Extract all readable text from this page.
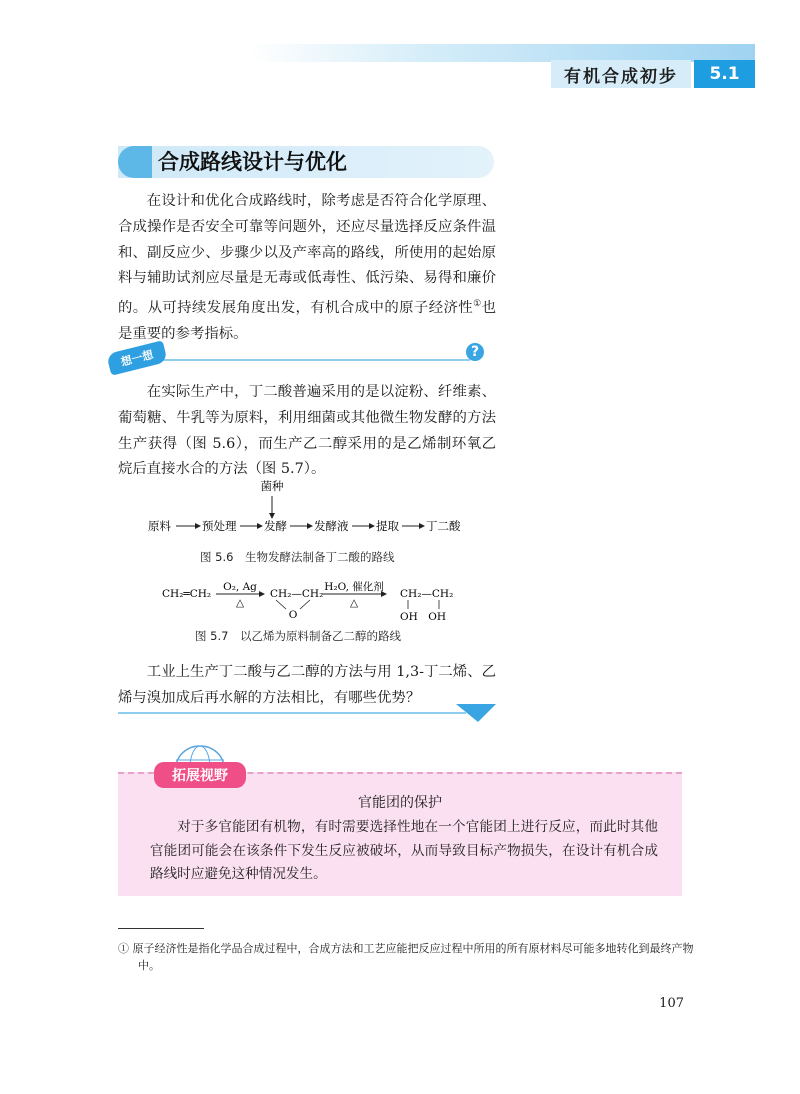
有机合成初步	5.1
合成路线设计与优化
在设计和优化合成路线时，除考虑是否符合化学原理、合成操作是否安全可靠等问题外，还应尽量选择反应条件温和、副反应少、步骤少以及产率高的路线，所使用的起始原料与辅助试剂应尽量是无毒或低毒性、低污染、易得和廉价的。从可持续发展角度出发，有机合成中的原子经济性①也是重要的参考指标。
想一想	?
在实际生产中，丁二酸普遍采用的是以淀粉、纤维素、葡萄糖、牛乳等为原料，利用细菌或其他微生物发酵的方法生产获得（图 5.6），而生产乙二醇采用的是乙烯制环氧乙烷后直接水合的方法（图 5.7）。
菌种
原料	预处理 发酵 发酵液 提取 丁二酸
图 5.6　生物发酵法制备丁二酸的路线
CH₂═CH₂
O₂, Ag
△
CH₂—CH₂
O
H₂O, 催化剂
△
CH₂—CH₂
OH　OH
图 5.7　以乙烯为原料制备乙二醇的路线
工业上生产丁二酸与乙二醇的方法与用 1,3-丁二烯、乙烯与溴加成后再水解的方法相比，有哪些优势？
拓展视野
官能团的保护
对于多官能团有机物，有时需要选择性地在一个官能团上进行反应，而此时其他官能团可能会在该条件下发生反应被破坏，从而导致目标产物损失，在设计有机合成路线时应避免这种情况发生。
① 原子经济性是指化学品合成过程中，合成方法和工艺应能把反应过程中所用的所有原材料尽可能多地转化到最终产物中。
107
